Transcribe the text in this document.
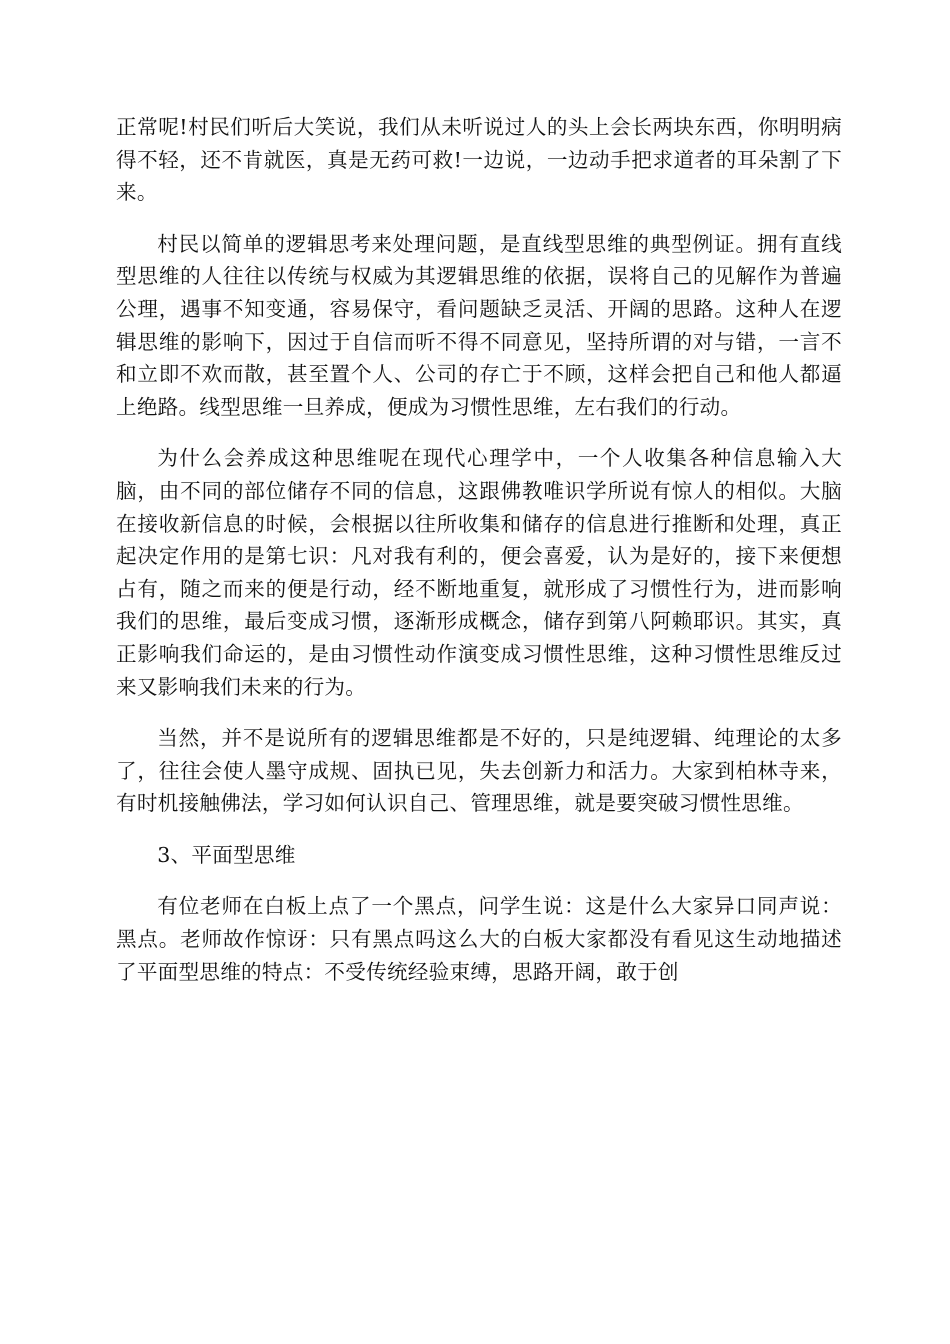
正常呢!村民们听后大笑说，我们从未听说过人的头上会长两块东西，你明明病得不轻，还不肯就医，真是无药可救!一边说，一边动手把求道者的耳朵割了下来。

村民以简单的逻辑思考来处理问题，是直线型思维的典型例证。拥有直线型思维的人往往以传统与权威为其逻辑思维的依据，误将自己的见解作为普遍公理，遇事不知变通，容易保守，看问题缺乏灵活、开阔的思路。这种人在逻辑思维的影响下，因过于自信而听不得不同意见，坚持所谓的对与错，一言不和立即不欢而散，甚至置个人、公司的存亡于不顾，这样会把自己和他人都逼上绝路。线型思维一旦养成，便成为习惯性思维，左右我们的行动。

为什么会养成这种思维呢在现代心理学中，一个人收集各种信息输入大脑，由不同的部位储存不同的信息，这跟佛教唯识学所说有惊人的相似。大脑在接收新信息的时候，会根据以往所收集和储存的信息进行推断和处理，真正起决定作用的是第七识：凡对我有利的，便会喜爱，认为是好的，接下来便想占有，随之而来的便是行动，经不断地重复，就形成了习惯性行为，进而影响我们的思维，最后变成习惯，逐渐形成概念，储存到第八阿赖耶识。其实，真正影响我们命运的，是由习惯性动作演变成习惯性思维，这种习惯性思维反过来又影响我们未来的行为。

当然，并不是说所有的逻辑思维都是不好的，只是纯逻辑、纯理论的太多了，往往会使人墨守成规、固执已见，失去创新力和活力。大家到柏林寺来，有时机接触佛法，学习如何认识自己、管理思维，就是要突破习惯性思维。

3、平面型思维

有位老师在白板上点了一个黑点，问学生说：这是什么大家异口同声说：黑点。老师故作惊讶：只有黑点吗这么大的白板大家都没有看见这生动地描述了平面型思维的特点：不受传统经验束缚，思路开阔，敢于创
